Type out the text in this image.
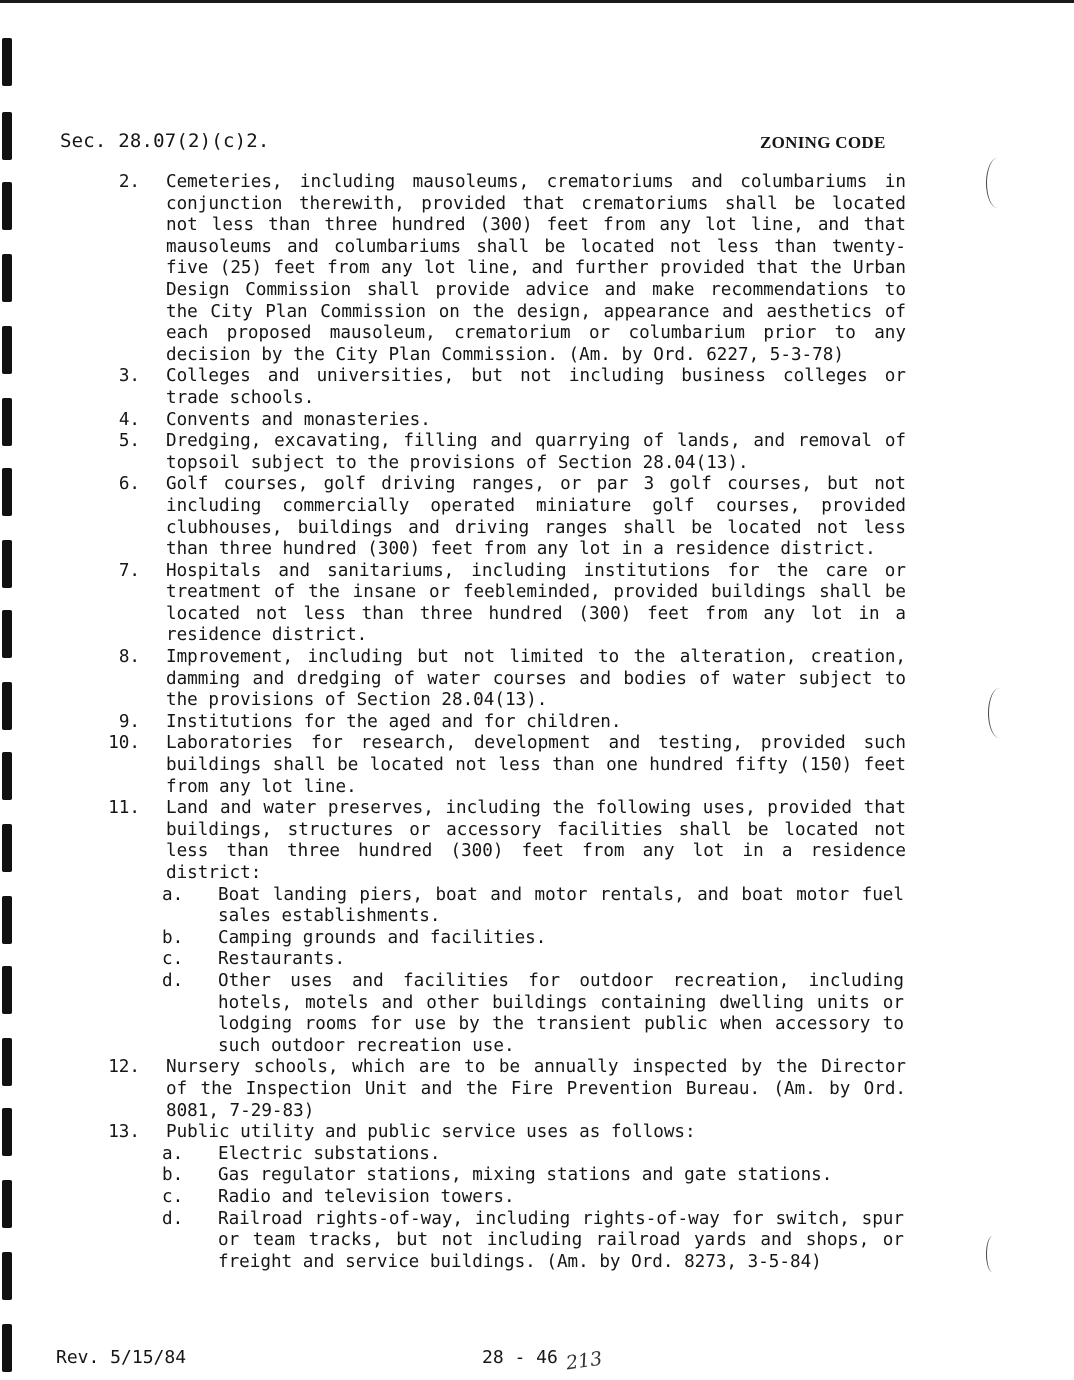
Sec. 28.07(2)(c)2.	ZONING CODE
2. Cemeteries, including mausoleums, crematoriums and columbariums in conjunction therewith, provided that crematoriums shall be located not less than three hundred (300) feet from any lot line, and that mausoleums and columbariums shall be located not less than twenty-five (25) feet from any lot line, and further provided that the Urban Design Commission shall provide advice and make recommendations to the City Plan Commission on the design, appearance and aesthetics of each proposed mausoleum, crematorium or columbarium prior to any decision by the City Plan Commission. (Am. by Ord. 6227, 5-3-78)
3. Colleges and universities, but not including business colleges or trade schools.
4. Convents and monasteries.
5. Dredging, excavating, filling and quarrying of lands, and removal of topsoil subject to the provisions of Section 28.04(13).
6. Golf courses, golf driving ranges, or par 3 golf courses, but not including commercially operated miniature golf courses, provided clubhouses, buildings and driving ranges shall be located not less than three hundred (300) feet from any lot in a residence district.
7. Hospitals and sanitariums, including institutions for the care or treatment of the insane or feebleminded, provided buildings shall be located not less than three hundred (300) feet from any lot in a residence district.
8. Improvement, including but not limited to the alteration, creation, damming and dredging of water courses and bodies of water subject to the provisions of Section 28.04(13).
9. Institutions for the aged and for children.
10. Laboratories for research, development and testing, provided such buildings shall be located not less than one hundred fifty (150) feet from any lot line.
11. Land and water preserves, including the following uses, provided that buildings, structures or accessory facilities shall be located not less than three hundred (300) feet from any lot in a residence district:
a. Boat landing piers, boat and motor rentals, and boat motor fuel sales establishments.
b. Camping grounds and facilities.
c. Restaurants.
d. Other uses and facilities for outdoor recreation, including hotels, motels and other buildings containing dwelling units or lodging rooms for use by the transient public when accessory to such outdoor recreation use.
12. Nursery schools, which are to be annually inspected by the Director of the Inspection Unit and the Fire Prevention Bureau. (Am. by Ord. 8081, 7-29-83)
13. Public utility and public service uses as follows:
a. Electric substations.
b. Gas regulator stations, mixing stations and gate stations.
c. Radio and television towers.
d. Railroad rights-of-way, including rights-of-way for switch, spur or team tracks, but not including railroad yards and shops, or freight and service buildings. (Am. by Ord. 8273, 3-5-84)
Rev. 5/15/84	28 - 46 213
